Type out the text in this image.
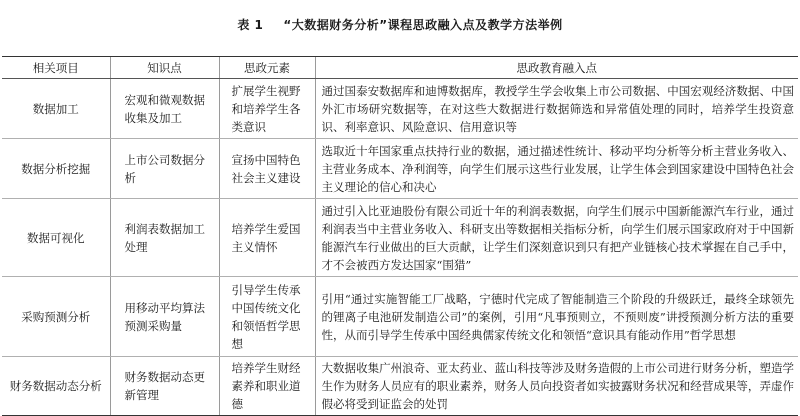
表 1 “大数据财务分析”课程思政融入点及教学方法举例
相关项目	知识点	思政元素	思政教育融入点
数据加工	宏观和微观数据收集及加工	扩展学生视野和培养学生各类意识	通过国泰安数据库和迪博数据库，教授学生学会收集上市公司数据、中国宏观经济数据、中国外汇市场研究数据等，在对这些大数据进行数据筛选和异常值处理的同时，培养学生投资意识、利率意识、风险意识、信用意识等
数据分析挖掘	上市公司数据分析	宣扬中国特色社会主义建设	选取近十年国家重点扶持行业的数据，通过描述性统计、移动平均分析等分析主营业务收入、主营业务成本、净利润等，向学生们展示这些行业发展，让学生体会到国家建设中国特色社会主义理论的信心和决心
数据可视化	利润表数据加工处理	培养学生爱国主义情怀	通过引入比亚迪股份有限公司近十年的利润表数据，向学生们展示中国新能源汽车行业，通过利润表当中主营业务收入、科研支出等数据相关指标分析，向学生们展示国家政府对于中国新能源汽车行业做出的巨大贡献，让学生们深刻意识到只有把产业链核心技术掌握在自己手中，才不会被西方发达国家“围猎”
采购预测分析	用移动平均算法预测采购量	引导学生传承中国传统文化和领悟哲学思想	引用“通过实施智能工厂战略，宁德时代完成了智能制造三个阶段的升级跃迁，最终全球领先的锂离子电池研发制造公司”的案例，引用“凡事预则立，不预则废”讲授预测分析方法的重要性，从而引导学生传承中国经典儒家传统文化和领悟“意识具有能动作用”哲学思想
财务数据动态分析	财务数据动态更新管理	培养学生财经素养和职业道德	大数据收集广州浪奇、亚太药业、蓝山科技等涉及财务造假的上市公司进行财务分析，塑造学生作为财务人员应有的职业素养，财务人员向投资者如实披露财务状况和经营成果等，弄虚作假必将受到证监会的处罚
